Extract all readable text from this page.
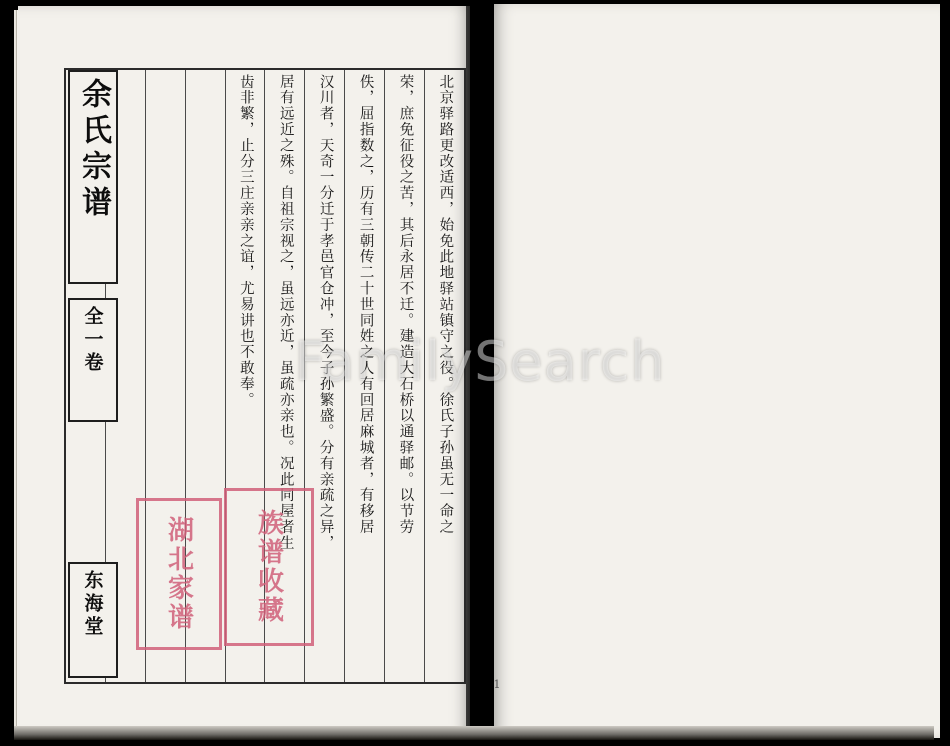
北京驿路更改适西，始免此地驿站镇守之役。徐氏子孙虽无一命之
荣，庶免征役之苦，其后永居不迁。建造大石桥以通驿邮。以节劳
佚，屈指数之，历有三朝传二十世同姓之人有回居麻城者，有移居
汉川者，天奇一分迁于孝邑官仓冲，至今子孙繁盛。分有亲疏之异，
居有远近之殊。自祖宗视之，虽远亦近，虽疏亦亲也。况此同屋者生
齿非繁，止分三庄亲亲之谊，尤易讲也不敢奉。
余氏宗谱
全一卷
东海堂	湖北家谱	族谱收藏
1
FamilySearch
